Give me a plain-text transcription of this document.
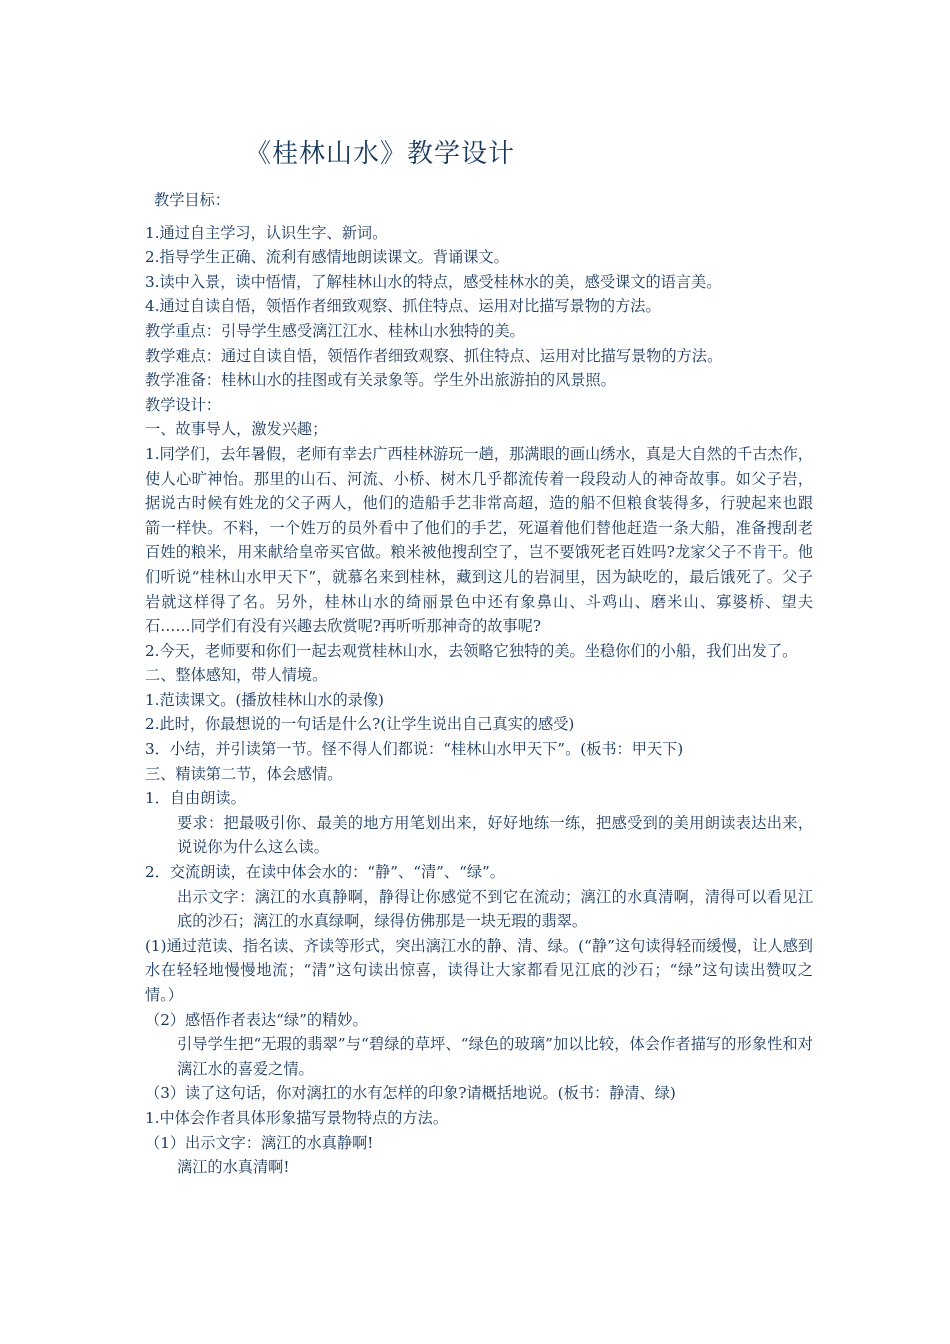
《桂林山水》教学设计

教学目标：

1.通过自主学习，认识生字、新词。

2.指导学生正确、流利有感情地朗读课文。背诵课文。

3.读中入景，读中悟情，了解桂林山水的特点，感受桂林水的美，感受课文的语言美。

4.通过自读自悟，领悟作者细致观察、抓住特点、运用对比描写景物的方法。

教学重点：引导学生感受漓江江水、桂林山水独特的美。

教学难点：通过自读自悟，领悟作者细致观察、抓住特点、运用对比描写景物的方法。

教学准备：桂林山水的挂图或有关录象等。学生外出旅游拍的风景照。

教学设计：

一、故事导人，激发兴趣；

1.同学们，去年暑假，老师有幸去广西桂林游玩一趟，那满眼的画山绣水，真是大自然的千古杰作，使人心旷神怡。那里的山石、河流、小桥、树木几乎都流传着一段段动人的神奇故事。如父子岩，据说古时候有姓龙的父子两人，他们的造船手艺非常高超，造的船不但粮食装得多，行驶起来也跟箭一样快。不料，一个姓万的员外看中了他们的手艺，死逼着他们替他赶造一条大船，准备搜刮老百姓的粮米，用来献给皇帝买官做。粮米被他搜刮空了，岂不要饿死老百姓吗?龙家父子不肯干。他们听说“桂林山水甲天下”，就慕名来到桂林，藏到这儿的岩洞里，因为缺吃的，最后饿死了。父子岩就这样得了名。另外，桂林山水的绮丽景色中还有象鼻山、斗鸡山、磨米山、寡婆桥、望夫石……同学们有没有兴趣去欣赏呢?再听听那神奇的故事呢?

2.今天，老师要和你们一起去观赏桂林山水，去领略它独特的美。坐稳你们的小船，我们出发了。

二、整体感知，带人情境。

1.范读课文。(播放桂林山水的录像)

2.此时，你最想说的一句话是什么?(让学生说出自己真实的感受)

3．小结，并引读第一节。怪不得人们都说：“桂林山水甲天下”。(板书：甲天下)

三、精读第二节，体会感情。

1．自由朗读。

要求：把最吸引你、最美的地方用笔划出来，好好地练一练，把感受到的美用朗读表达出来，说说你为什么这么读。

2．交流朗读，在读中体会水的：“静”、“清”、“绿”。

出示文字：漓江的水真静啊，静得让你感觉不到它在流动；漓江的水真清啊，清得可以看见江底的沙石；漓江的水真绿啊，绿得仿佛那是一块无瑕的翡翠。

(1)通过范读、指名读、齐读等形式，突出漓江水的静、清、绿。(“静”这句读得轻而缓慢，让人感到水在轻轻地慢慢地流；“清”这句读出惊喜，读得让大家都看见江底的沙石；“绿”这句读出赞叹之情。）

（2）感悟作者表达“绿”的精妙。

引导学生把“无瑕的翡翠”与“碧绿的草坪、“绿色的玻璃”加以比较，体会作者描写的形象性和对漓江水的喜爱之情。

（3）读了这句话，你对漓扛的水有怎样的印象?请概括地说。(板书：静清、绿)

1.中体会作者具体形象描写景物特点的方法。

（1）出示文字：漓江的水真静啊!

漓江的水真清啊!
